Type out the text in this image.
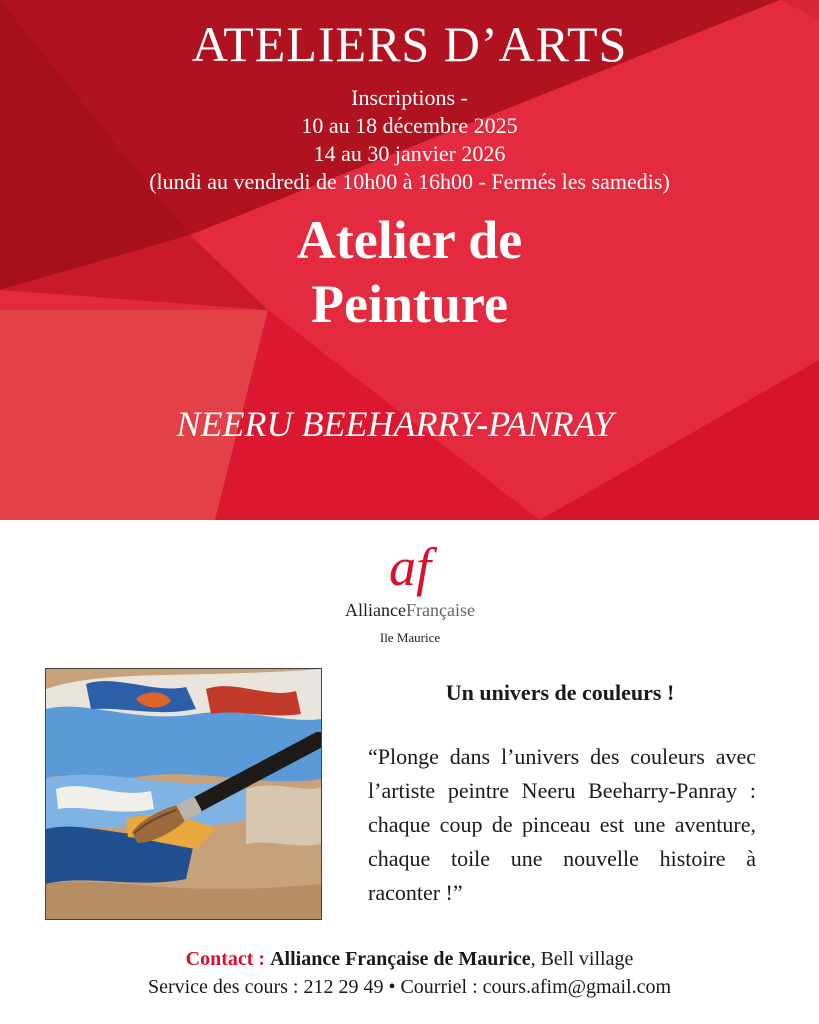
ATELIERS D’ARTS
Inscriptions -
10 au 18 décembre 2025
14 au 30 janvier 2026
(lundi au vendredi de 10h00 à 16h00 - Fermés les samedis)
Atelier de
Peinture
NEERU BEEHARRY-PANRAY
af
AllianceFrançaise
Ile Maurice
Un univers de couleurs !
“Plonge dans l’univers des couleurs avec l’artiste peintre Neeru Beeharry-Panray : chaque coup de pinceau est une aventure, chaque toile une nouvelle histoire à raconter !”
Contact : Alliance Française de Maurice, Bell village
Service des cours : 212 29 49 • Courriel : cours.afim@gmail.com
